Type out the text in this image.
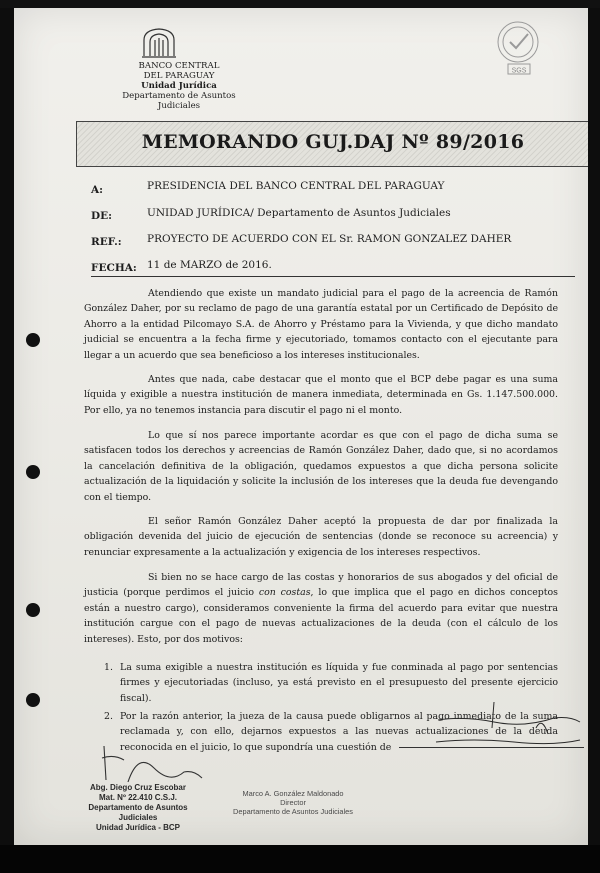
BANCO CENTRAL
DEL PARAGUAY
Unidad Jurídica
Departamento de Asuntos Judiciales
SGS
MEMORANDO GUJ.DAJ Nº 89/2016
A:	PRESIDENCIA DEL BANCO CENTRAL DEL PARAGUAY
DE:	UNIDAD JURÍDICA/ Departamento de Asuntos Judiciales
REF.: PROYECTO DE ACUERDO CON EL Sr. RAMON GONZALEZ DAHER
FECHA: 11 de MARZO de 2016.

Atendiendo que existe un mandato judicial para el pago de la acreencia de Ramón González Daher, por su reclamo de pago de una garantía estatal por un Certificado de Depósito de Ahorro a la entidad Pilcomayo S.A. de Ahorro y Préstamo para la Vivienda, y que dicho mandato judicial se encuentra a la fecha firme y ejecutoriado, tomamos contacto con el ejecutante para llegar a un acuerdo que sea beneficioso a los intereses institucionales.

Antes que nada, cabe destacar que el monto que el BCP debe pagar es una suma líquida y exigible a nuestra institución de manera inmediata, determinada en Gs. 1.147.500.000. Por ello, ya no tenemos instancia para discutir el pago ni el monto.

Lo que sí nos parece importante acordar es que con el pago de dicha suma se satisfacen todos los derechos y acreencias de Ramón González Daher, dado que, si no acordamos la cancelación definitiva de la obligación, quedamos expuestos a que dicha persona solicite actualización de la liquidación y solicite la inclusión de los intereses que la deuda fue devengando con el tiempo.

El señor Ramón González Daher aceptó la propuesta de dar por finalizada la obligación devenida del juicio de ejecución de sentencias (donde se reconoce su acreencia) y renunciar expresamente a la actualización y exigencia de los intereses respectivos.

Si bien no se hace cargo de las costas y honorarios de sus abogados y del oficial de justicia (porque perdimos el juicio con costas, lo que implica que el pago en dichos conceptos están a nuestro cargo), consideramos conveniente la firma del acuerdo para evitar que nuestra institución cargue con el pago de nuevas actualizaciones de la deuda (con el cálculo de los intereses). Esto, por dos motivos:

1. La suma exigible a nuestra institución es líquida y fue conminada al pago por sentencias firmes y ejecutoriadas (incluso, ya está previsto en el presupuesto del presente ejercicio fiscal).

2. Por la razón anterior, la jueza de la causa puede obligarnos al pago inmediato de la suma reclamada y, con ello, dejarnos expuestos a las nuevas actualizaciones de la deuda reconocida en el juicio, lo que supondría una cuestión de

Abg. Diego Cruz Escobar
Mat. Nº 22.410 C.S.J.
Departamento de Asuntos Judiciales
Unidad Jurídica - BCP
Marco A. González Maldonado
Director
Departamento de Asuntos Judiciales
